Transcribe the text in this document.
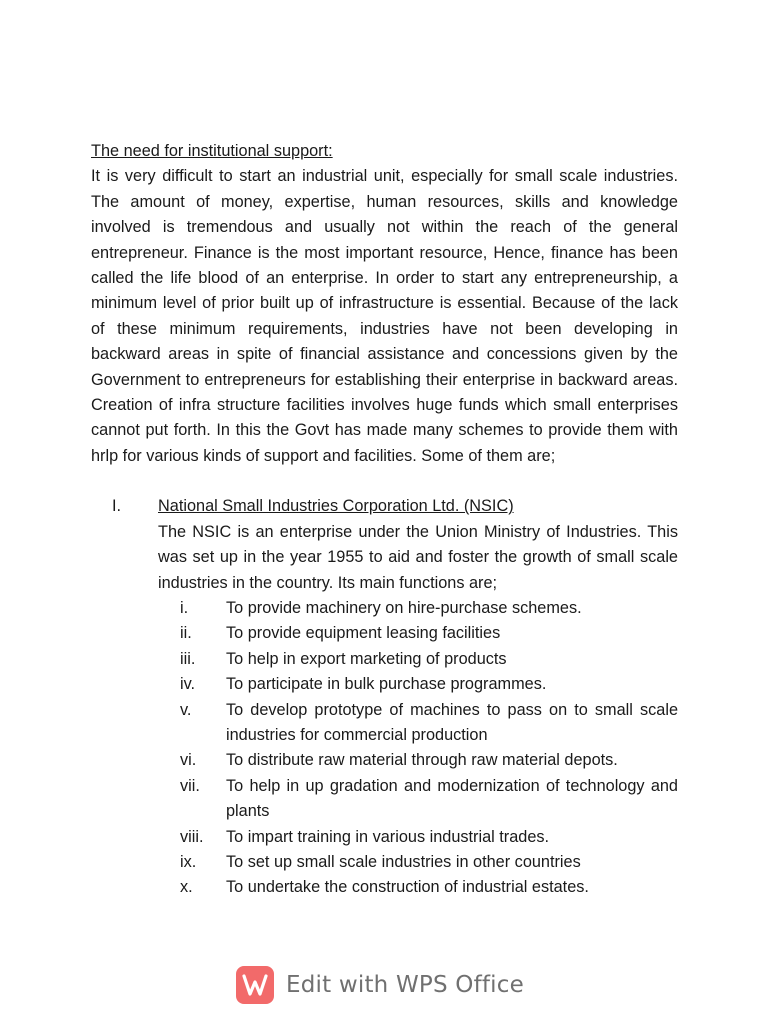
The need for institutional support:

It is very difficult to start an industrial unit, especially for small scale industries. The amount of money, expertise, human resources, skills and knowledge involved is tremendous and usually not within the reach of the general entrepreneur. Finance is the most important resource, Hence, finance has been called the life blood of an enterprise. In order to start any entrepreneurship, a minimum level of prior built up of infrastructure is essential. Because of the lack of these minimum requirements, industries have not been developing in backward areas in spite of financial assistance and concessions given by the Government to entrepreneurs for establishing their enterprise in backward areas. Creation of infra structure facilities involves huge funds which small enterprises cannot put forth. In this the Govt has made many schemes to provide them with hrlp for various kinds of support and facilities. Some of them are;

I. National Small Industries Corporation Ltd. (NSIC)

The NSIC is an enterprise under the Union Ministry of Industries. This was set up in the year 1955 to aid and foster the growth of small scale industries in the country. Its main functions are;

i. To provide machinery on hire-purchase schemes.
ii. To provide equipment leasing facilities
iii. To help in export marketing of products
iv. To participate in bulk purchase programmes.
v. To develop prototype of machines to pass on to small scale industries for commercial production
vi. To distribute raw material through raw material depots.
vii. To help in up gradation and modernization of technology and plants
viii. To impart training in various industrial trades.
ix. To set up small scale industries in other countries
x. To undertake the construction of industrial estates.
Edit with WPS Office
